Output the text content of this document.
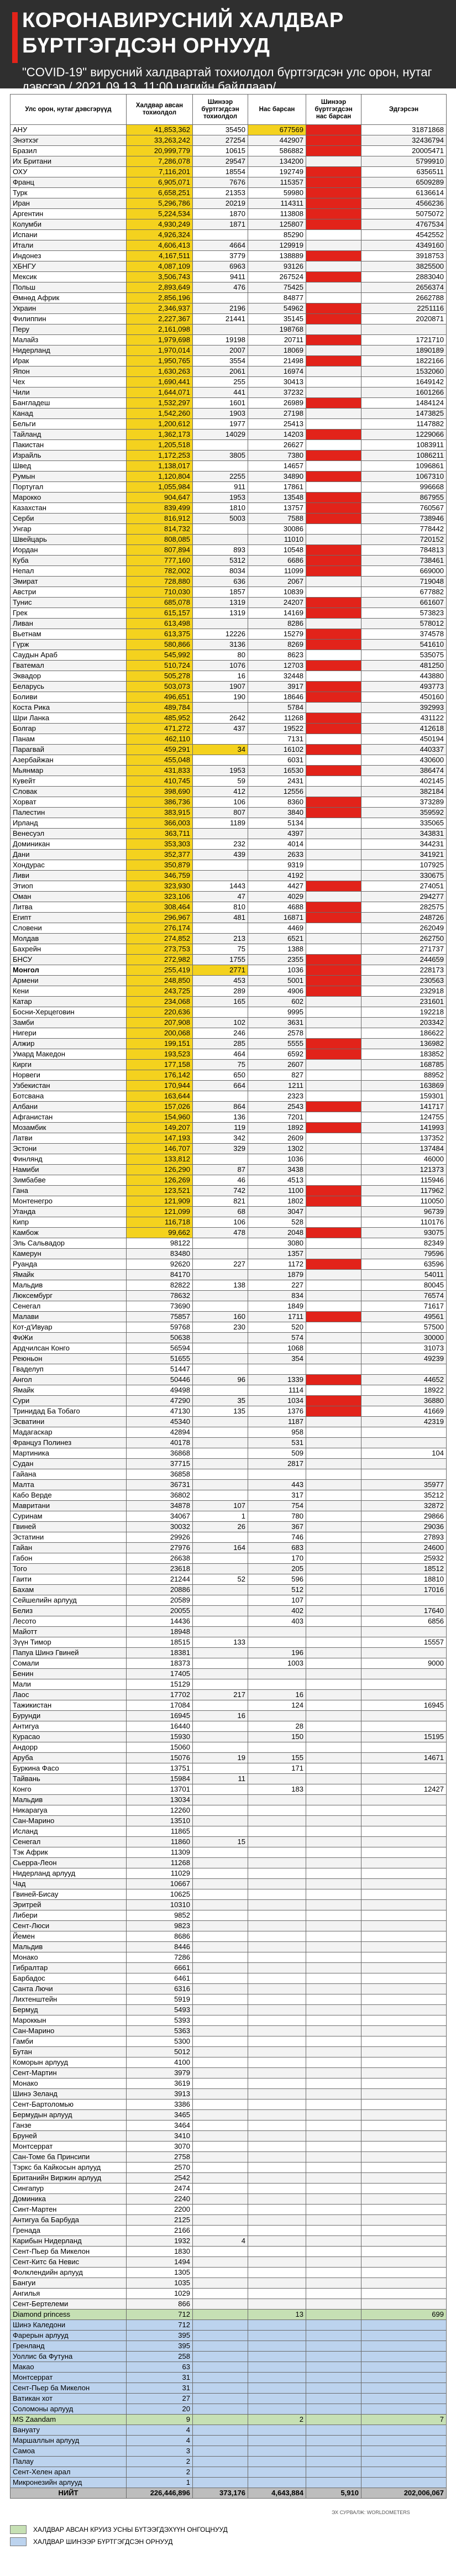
КОРОНАВИРУСНИЙ ХАЛДВАР
БҮРТГЭГДСЭН ОРНУУД
"COVID-19" вирусний халдвартай тохиолдол бүртгэгдсэн улс орон, нутаг дэвсгэр / 2021.09.13, 11:00 цагийн байдлаар/
Улс орон, нутаг дэвсгэрүүд	Халдвар авсан тохиолдол	Шинээр бүртгэгдсэн тохиолдол	Нас барсан	Шинээр бүртгэгдсэн нас барсан	Эдгэрсэн
АНУ	41,853,362	35450	677569		31871868
Энэтхэг	33,263,242	27254	442907		32436794
Бразил	20,999,779	10615	586882		20005471
Их Британи	7,286,078	29547	134200		5799910
ОХУ	7,116,201	18554	192749		6356511
Франц	6,905,071	7676	115357		6509289
Турк	6,658,251	21353	59980		6136614
Иран	5,296,786	20219	114311		4566236
Аргентин	5,224,534	1870	113808		5075072
Колумби	4,930,249	1871	125807		4767534
Испани	4,926,324		85290		4542552
Итали	4,606,413	4664	129919		4349160
Индонез	4,167,511	3779	138889		3918753
ХБНГУ	4,087,109	6963	93126		3825500
Мексик	3,506,743	9411	267524		2883040
Польш	2,893,649	476	75425		2656374
Өмнөд Африк	2,856,196		84877		2662788
Украин	2,346,937	2196	54962		2251116
Филиппин	2,227,367	21441	35145		2020871
Перу	2,161,098		198768		
Малайз	1,979,698	19198	20711		1721710
Нидерланд	1,970,014	2007	18069		1890189
Ирак	1,950,765	3554	21498		1822166
Япон	1,630,263	2061	16974		1532060
Чех	1,690,441	255	30413		1649142
Чили	1,644,071	441	37232		1601266
Бангладеш	1,532,297	1601	26989		1484124
Канад	1,542,260	1903	27198		1473825
Бельги	1,200,612	1977	25413		1147882
Тайланд	1,362,173	14029	14203		1229066
Пакистан	1,205,518		26627		1083911
Израйль	1,172,253	3805	7380		1086211
Швед	1,138,017		14657		1096861
Румын	1,120,804	2255	34890		1067310
Португал	1,055,984	911	17861		996668
Марокко	904,647	1953	13548		867955
Казахстан	839,499	1810	13757		760567
Серби	816,912	5003	7588		738946
Унгар	814,732		30086		778442
Швейцарь	808,085		11010		720152
Иордан	807,894	893	10548		784813
Куба	777,160	5312	6686		738461
Непал	782,002	8034	11099		669000
Эмират	728,880	636	2067		719048
Австри	710,030	1857	10839		677882
Тунис	685,078	1319	24207		661607
Грек	615,157	1319	14169		573823
Ливан	613,498		8286		578012
Вьетнам	613,375	12226	15279		374578
Гүрж	580,866	3136	8269		541610
Саудын Араб	545,992	80	8623		535075
Гватемал	510,724	1076	12703		481250
Эквадор	505,278	16	32448		443880
Беларусь	503,073	1907	3917		493773
Боливи	496,651	190	18646		450160
Коста Рика	489,784		5784		392993
Шри Ланка	485,952	2642	11268		431122
Болгар	471,272	437	19522		412618
Панам	462,110		7131		450194
Парагвай	459,291	34	16102		440337
Азербайжан	455,048		6031		430600
Мьянмар	431,833	1953	16530		386474
Кувейт	410,745	59	2431		402145
Словак	398,690	412	12556		382184
Хорват	386,736	106	8360		373289
Палестин	383,915	807	3840		359592
Ирланд	366,003	1189	5134		335065
Венесуэл	363,711		4397		343831
Доминикан	353,303	232	4014		344231
Дани	352,377	439	2633		341921
Хондурас	350,879		9319		107925
Ливи	346,759		4192		330675
Этиоп	323,930	1443	4427		274051
Оман	323,106	47	4029		294277
Литва	308,464	810	4688		282575
Египт	296,967	481	16871		248726
Словени	276,174		4469		262049
Молдав	274,852	213	6521		262750
Бахрейн	273,753	75	1388		271737
БНСУ	272,982	1755	2355		244659
Монгол	255,419	2771	1036		228173
Армени	248,850	453	5001		230563
Кени	243,725	289	4906		232918
Катар	234,068	165	602		231601
Босни-Херцеговин	220,636		9995		192218
Замби	207,908	102	3631		203342
Нигери	200,068	246	2578		186622
Алжир	199,151	285	5555		136982
Умард Македон	193,523	464	6592		183852
Кирги	177,158	75	2607		168785
Норвеги	176,142	650	827		88952
Узбекистан	170,944	664	1211		163869
Ботсвана	163,644		2323		159301
Албани	157,026	864	2543		141717
Афганистан	154,960	136	7201		124755
Мозамбик	149,207	119	1892		141993
Латви	147,193	342	2609		137352
Эстони	146,707	329	1302		137484
Финлянд	133,812		1036		46000
Намиби	126,290	87	3438		121373
Зимбабве	126,269	46	4513		115946
Гана	123,521	742	1100		117962
Монтенегро	121,909	821	1802		110050
Уганда	121,099	68	3047		96739
Кипр	116,718	106	528		110176
Камбож	99,662	478	2048		93075
Эль Сальвадор	98122		3080		82349
Камерун	83480		1357		79596
Руанда	92620	227	1172		63596
Ямайк	84170		1879		54011
Мальдив	82822	138	227		80045
Люксембург	78632		834		76574
Сенегал	73690		1849		71617
Малави	75857	160	1711		49561
Кот-д'Ивуар	59768	230	520		57500
ФиЖи	50638		574		30000
Ардчилсан Конго	56594		1068		31073
Реюньон	51655		354		49239
Гваделуп	51447				
Ангол	50446	96	1339		44652
Ямайк	49498		1114		18922
Сури	47290	35	1034		36880
Тринидад Ба Тобаго	47130	135	1376		41669
Эсватини	45340		1187		42319
Мадагаскар	42894		958		
Француз Полинез	40178		531		
Мартиника	36868		509		104
Судан	37715		2817		
Гайана	36858				
Малта	36731		443		35977
Кабо Верде	36802		317		35212
Мавритани	34878	107	754		32872
Суринам	34067	1	780		29866
Гвиней	30032	26	367		29036
Эстатини	29926		746		27893
Гайан	27976	164	683		24600
Габон	26638		170		25932
Того	23618		205		18512
Гаити	21244	52	596		18810
Бахам	20886		512		17016
Сейшелийн арлууд	20589		107		
Белиз	20055		402		17640
Лесото	14436		403		6856
Майотт	18948				
Зүүн Тимор	18515	133			15557
Папуа Шинэ Гвиней	18381		196		
Сомали	18373		1003		9000
Бенин	17405				
Мали	15129				
Лаос	17702	217	16		
Тажикистан	17084		124		16945
Бурунди	16945	16			
Антигуа	16440		28		
Курасао	15930		150		15195
Андорр	15060				
Аруба	15076	19	155		14671
Буркина Фасо	13751		171		
Тайвань	15984	11			
Конго	13701		183		12427
Мальдив	13034				
Никарагуа	12260				
Сан-Марино	13510				
Исланд	11865				
Сенегал	11860	15			
Тэк Африк	11309				
Сьерра-Леон	11268				
Нидерланд арлууд	11029				
Чад	10667				
Гвиней-Бисау	10625				
Эритрей	10310				
Либери	9852				
Сент-Люси	9823				
Йемен	8686				
Мальдив	8446				
Монако	7286				
Гибралтар	6661				
Барбадос	6461				
Санта Лючи	6316				
Лихтенштейн	5919				
Бермуд	5493				
Мароккын	5393				
Сан-Марино	5363				
Гамби	5300				
Бутан	5012				
Коморын арлууд	4100				
Сент-Мартин	3979				
Монако	3619				
Шинэ Зеланд	3913				
Сент-Бартоломью	3386				
Бермудын арлууд	3465				
Ганзе	3464				
Бруней	3410				
Монтсеррат	3070				
Сан-Томе ба Принсипи	2758				
Тэркс ба Кайкосын арлууд	2570				
Британийн Виржин арлууд	2542				
Сингапур	2474				
Доминика	2240				
Синт-Мартен	2200				
Антигуа ба Барбуда	2125				
Гренада	2166				
Карибын Нидерланд	1932	4			
Сент-Пьер ба Микелон	1830				
Сент-Китс ба Невис	1494				
Фолклендийн арлууд	1305				
Бангуи	1035				
Ангилья	1029				
Сент-Бертелеми	866				
Diamond princess	712		13		699
Шинэ Каледони	712				
Фарерын арлууд	395				
Гренланд	395				
Уоллис ба Футуна	258				
Макао	63				
Монтсеррат	31				
Сент-Пьер ба Микелон	31				
Ватикан хот	27				
Соломоны арлууд	20				
MS Zaandam	9		2		7
Вануату	4				
Маршаллын арлууд	4				
Самоа	3				
Палау	2				
Сент-Хелен арал	2				
Микронезийн арлууд	1				
НИЙТ	226,446,896	373,176	4,643,884	5,910	202,006,067
ЭХ СУРВАЛЖ: WORLDOMETERS
ХАЛДВАР АВСАН КРУИЗ УСНЫ БҮТЭЭГДЭХҮҮН ОНГОЦНУУД
ХАЛДВАР ШИНЭЭР БҮРТГЭГДСЭН ОРНУУД
